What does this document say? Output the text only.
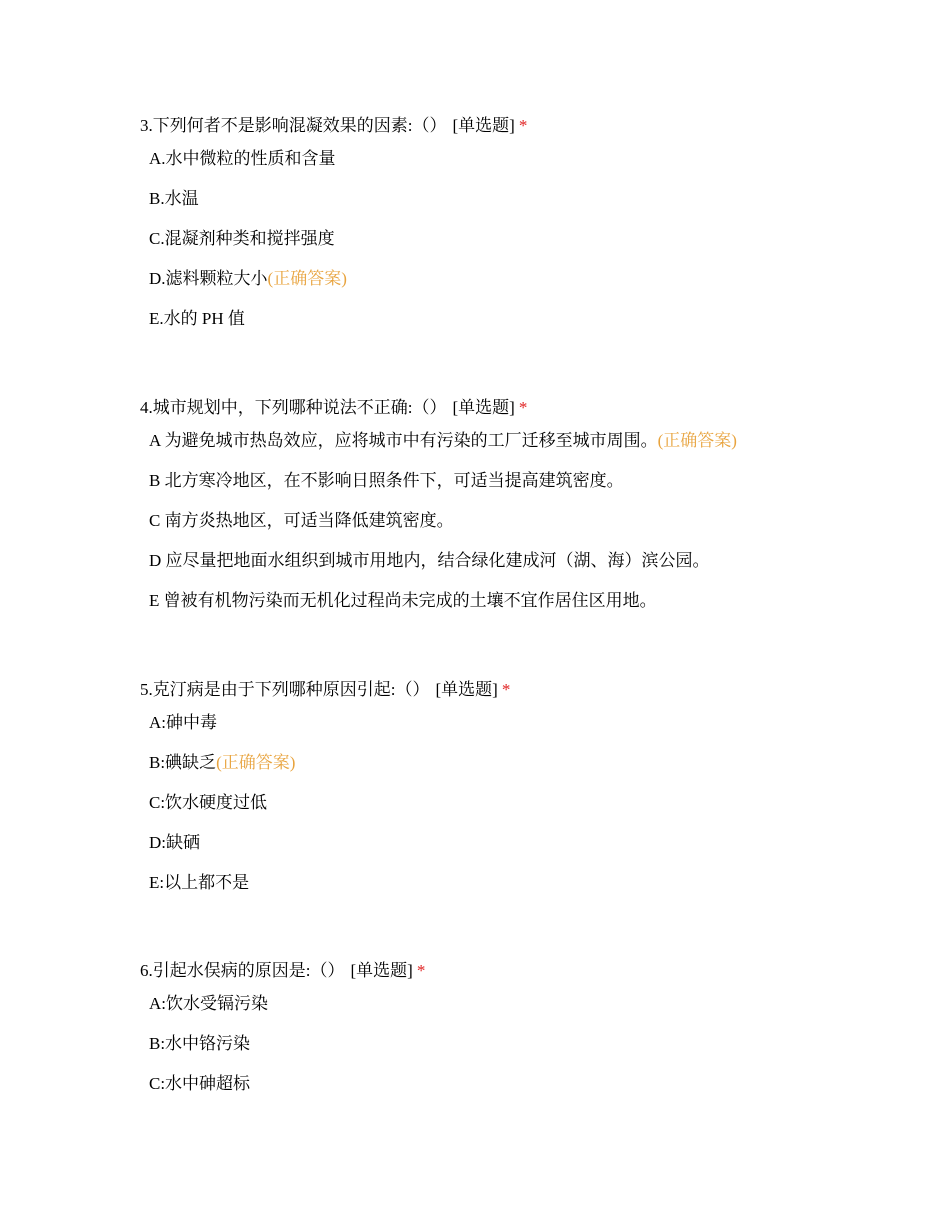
3.下列何者不是影响混凝效果的因素:（） [单选题] *
A.水中微粒的性质和含量
B.水温
C.混凝剂种类和搅拌强度
D.滤料颗粒大小(正确答案)
E.水的 PH 值
4.城市规划中，下列哪种说法不正确:（） [单选题] *
A 为避免城市热岛效应，应将城市中有污染的工厂迁移至城市周围。(正确答案)
B 北方寒冷地区，在不影响日照条件下，可适当提高建筑密度。
C 南方炎热地区，可适当降低建筑密度。
D 应尽量把地面水组织到城市用地内，结合绿化建成河（湖、海）滨公园。
E 曾被有机物污染而无机化过程尚未完成的土壤不宜作居住区用地。
5.克汀病是由于下列哪种原因引起:（） [单选题] *
A:砷中毒
B:碘缺乏(正确答案)
C:饮水硬度过低
D:缺硒
E:以上都不是
6.引起水俣病的原因是:（） [单选题] *
A:饮水受镉污染
B:水中铬污染
C:水中砷超标
